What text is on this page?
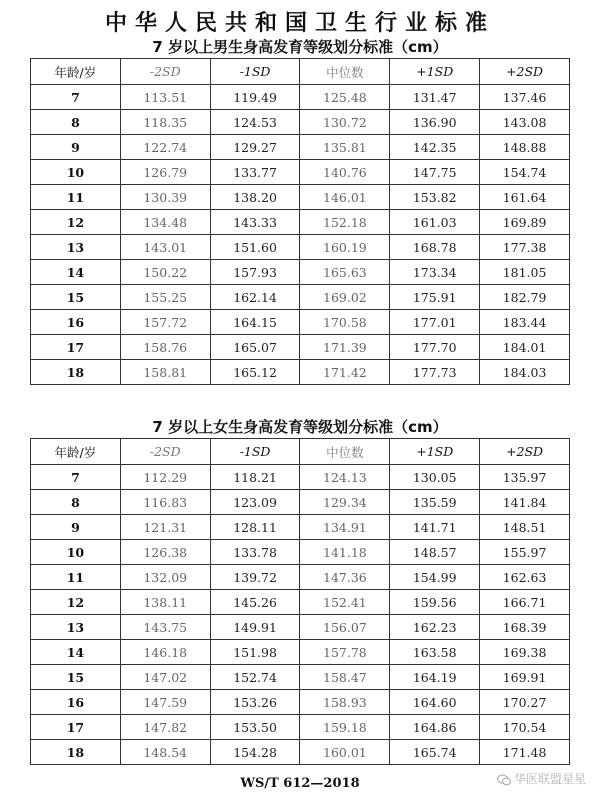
中华人民共和国卫生行业标准
7 岁以上男生身高发育等级划分标准（cm）
年龄/岁	-2SD	-1SD	中位数	+1SD	+2SD
7	113.51	119.49	125.48	131.47	137.46
8	118.35	124.53	130.72	136.90	143.08
9	122.74	129.27	135.81	142.35	148.88
10	126.79	133.77	140.76	147.75	154.74
11	130.39	138.20	146.01	153.82	161.64
12	134.48	143.33	152.18	161.03	169.89
13	143.01	151.60	160.19	168.78	177.38
14	150.22	157.93	165.63	173.34	181.05
15	155.25	162.14	169.02	175.91	182.79
16	157.72	164.15	170.58	177.01	183.44
17	158.76	165.07	171.39	177.70	184.01
18	158.81	165.12	171.42	177.73	184.03
7 岁以上女生身高发育等级划分标准（cm）
年龄/岁	-2SD	-1SD	中位数	+1SD	+2SD
7	112.29	118.21	124.13	130.05	135.97
8	116.83	123.09	129.34	135.59	141.84
9	121.31	128.11	134.91	141.71	148.51
10	126.38	133.78	141.18	148.57	155.97
11	132.09	139.72	147.36	154.99	162.63
12	138.11	145.26	152.41	159.56	166.71
13	143.75	149.91	156.07	162.23	168.39
14	146.18	151.98	157.78	163.58	169.38
15	147.02	152.74	158.47	164.19	169.91
16	147.59	153.26	158.93	164.60	170.27
17	147.82	153.50	159.18	164.86	170.54
18	148.54	154.28	160.01	165.74	171.48
WS/T 612—2018	华医联盟星星
